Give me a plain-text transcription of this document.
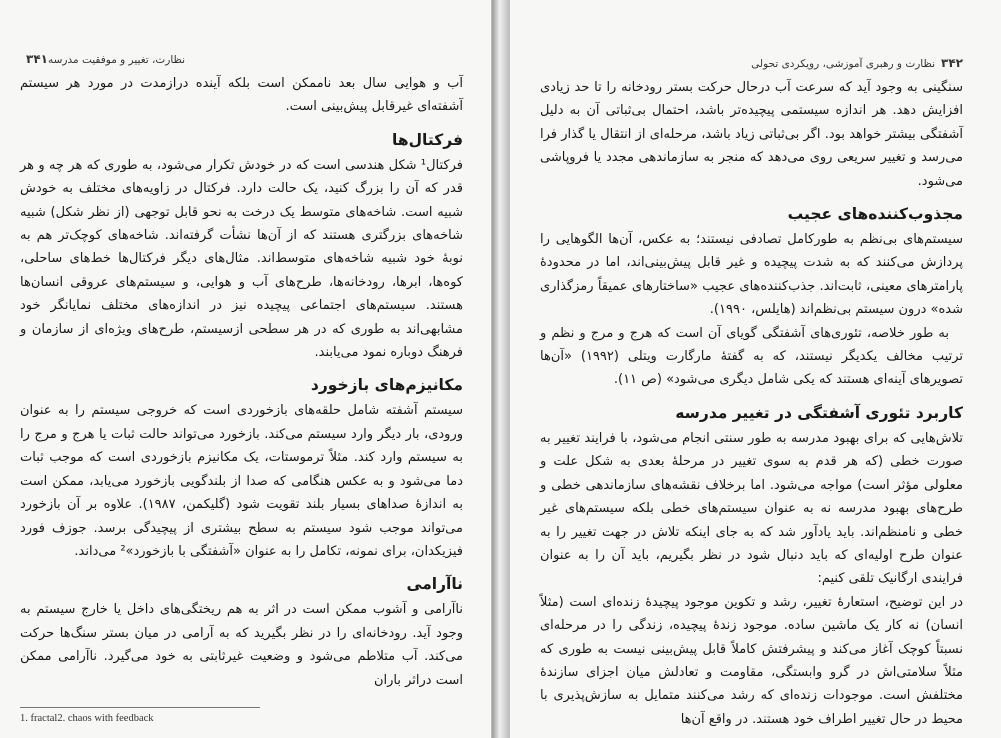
نظارت، تغییر و موفقیت مدرسه
۳۴۱

آب و هوایی سال بعد ناممکن است بلکه آینده درازمدت در مورد هر سیستم آشفته‌ای غیرقابل پیش‌بینی است.

فرکتال‌ها

فرکتال¹ شکل هندسی است که در خودش تکرار می‌شود، به طوری که هر چه و هر قدر که آن را بزرگ کنید، یک حالت دارد. فرکتال در زاویه‌های مختلف به خودش شبیه است. شاخه‌های متوسط یک درخت به نحو قابل توجهی (از نظر شکل) شبیه شاخه‌های بزرگتری هستند که از آن‌ها نشأت گرفته‌اند. شاخه‌های کوچک‌تر هم به نوبهٔ خود شبیه شاخه‌های متوسط‌اند. مثال‌های دیگر فرکتال‌ها خط‌های ساحلی، کوه‌ها، ابرها، رودخانه‌ها، طرح‌های آب و هوایی، و سیستم‌های عروقی انسان‌ها هستند. سیستم‌های اجتماعی پیچیده نیز در اندازه‌های مختلف نمایانگر خود مشابهی‌اند به طوری که در هر سطحی ازسیستم، طرح‌های ویژه‌ای از سازمان و فرهنگ دوباره نمود می‌یابند.

مکانیزم‌های بازخورد

سیستم آشفته شامل حلقه‌های بازخوردی است که خروجی سیستم را به عنوان ورودی، بار دیگر وارد سیستم می‌کند. بازخورد می‌تواند حالت ثبات یا هرج و مرج را به سیستم وارد کند. مثلاً ترموستات، یک مکانیزم بازخوردی است که موجب ثبات دما می‌شود و به عکس هنگامی که صدا از بلندگویی بازخورد می‌یابد، ممکن است به اندازهٔ صداهای بسیار بلند تقویت شود (گلیکمن، ۱۹۸۷). علاوه بر آن بازخورد می‌تواند موجب شود سیستم به سطح بیشتری از پیچیدگی برسد. جوزف فورد فیزیکدان، برای نمونه، تکامل را به عنوان «آشفتگی با بازخورد»² می‌داند.

ناآرامی

ناآرامی و آشوب ممکن است در اثر به هم ریختگی‌های داخل یا خارج سیستم به وجود آید. رودخانه‌ای را در نظر بگیرید که به آرامی در میان بستر سنگ‌ها حرکت می‌کند. آب متلاطم می‌شود و وضعیت غیرثابتی به خود می‌گیرد. ناآرامی ممکن است دراثر باران

1. fractal 2. chaos with feedback
۳۴۲
نظارت و رهبری آموزشی، رویکردی تحولی

سنگینی به وجود آید که سرعت آب درحال حرکت بستر رودخانه را تا حد زیادی افزایش دهد. هر اندازه سیستمی پیچیده‌تر باشد، احتمال بی‌ثباتی آن به دلیل آشفتگی بیشتر خواهد بود. اگر بی‌ثباتی زیاد باشد، مرحله‌ای از انتقال یا گذار فرا می‌رسد و تغییر سریعی روی می‌دهد که منجر به سازماندهی مجدد یا فروپاشی می‌شود.

مجذوب‌کننده‌های عجیب

سیستم‌های بی‌نظم به طورکامل تصادفی نیستند؛ به عکس، آن‌ها الگوهایی را پردازش می‌کنند که به شدت پیچیده و غیر قابل پیش‌بینی‌اند، اما در محدودهٔ پارامترهای معینی، ثابت‌اند. جذب‌کننده‌های عجیب «ساختارهای عمیقاً رمزگذاری شده» درون سیستم بی‌نظم‌اند (هایلس، ۱۹۹۰).

به طور خلاصه، تئوری‌های آشفتگی گویای آن است که هرج و مرج و نظم و ترتیب مخالف یکدیگر نیستند، که به گفتهٔ مارگارت ویتلی (۱۹۹۲) «آن‌ها تصویرهای آینه‌ای هستند که یکی شامل دیگری می‌شود» (ص ۱۱).

کاربرد تئوری آشفتگی در تغییر مدرسه

تلاش‌هایی که برای بهبود مدرسه به طور سنتی انجام می‌شود، با فرایند تغییر به صورت خطی (که هر قدم به سوی تغییر در مرحلهٔ بعدی به شکل علت و معلولی مؤثر است) مواجه می‌شود. اما برخلاف نقشه‌های سازماندهی خطی و طرح‌های بهبود مدرسه نه به عنوان سیستم‌های خطی بلکه سیستم‌های غیر خطی و نامنظم‌اند. باید یادآور شد که به جای اینکه تلاش در جهت تغییر را به عنوان طرح اولیه‌ای که باید دنبال شود در نظر بگیریم، باید آن را به عنوان فرایندی ارگانیک تلقی کنیم:

در این توضیح، استعارهٔ تغییر، رشد و تکوین موجود پیچیدهٔ زنده‌ای است (مثلاً انسان) نه کار یک ماشین ساده. موجود زندهٔ پیچیده، زندگی را در مرحله‌ای نسبتاً کوچک آغاز می‌کند و پیشرفتش کاملاً قابل پیش‌بینی نیست به طوری که مثلاً سلامتی‌اش در گرو وابستگی، مقاومت و تعادلش میان اجزای سازندهٔ مختلفش است. موجودات زنده‌ای که رشد می‌کنند متمایل به سازش‌پذیری با محیط در حال تغییر اطراف خود هستند. در واقع آن‌ها
